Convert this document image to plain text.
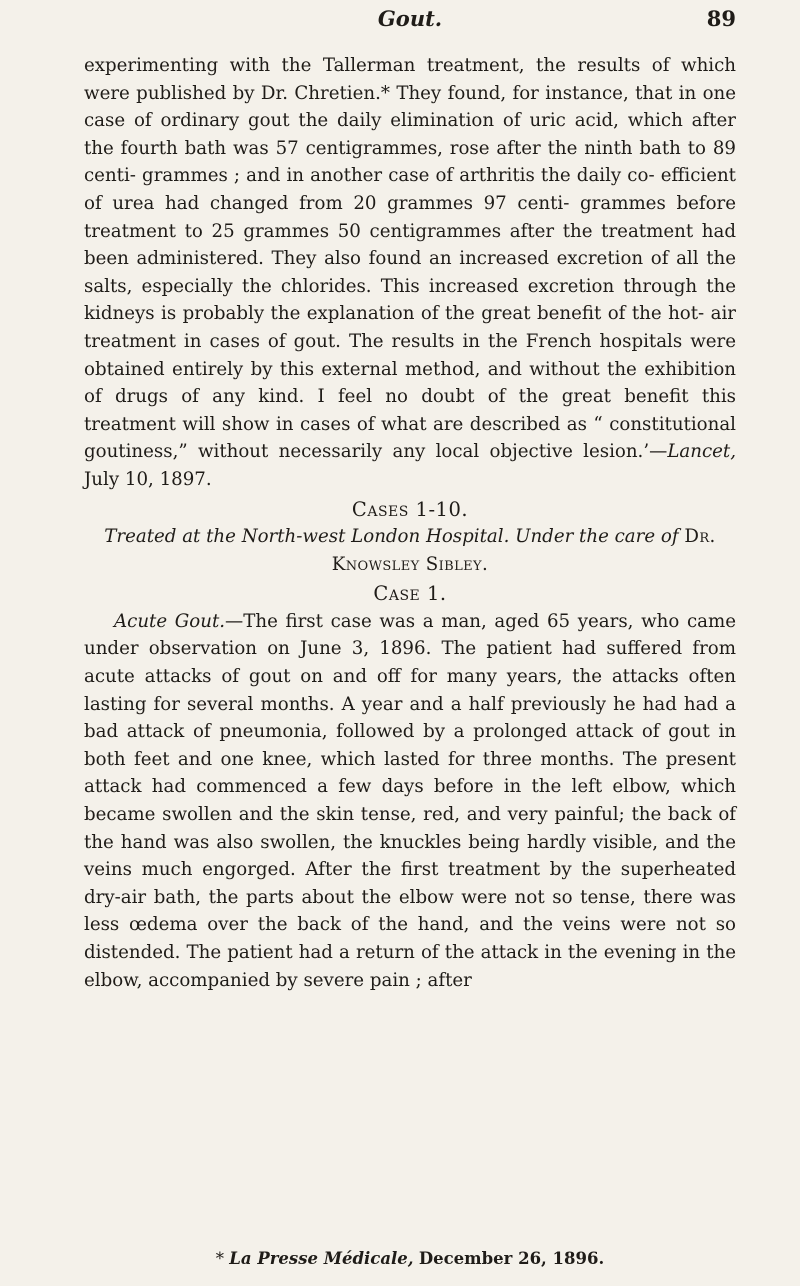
Gout.	89

experimenting with the Tallerman treatment, the results of which were published by Dr. Chretien.* They found, for instance, that in one case of ordinary gout the daily elimination of uric acid, which after the fourth bath was 57 centigrammes, rose after the ninth bath to 89 centi- grammes ; and in another case of arthritis the daily co- efficient of urea had changed from 20 grammes 97 centi- grammes before treatment to 25 grammes 50 centigrammes after the treatment had been administered. They also found an increased excretion of all the salts, especially the chlorides. This increased excretion through the kidneys is probably the explanation of the great benefit of the hot- air treatment in cases of gout. The results in the French hospitals were obtained entirely by this external method, and without the exhibition of drugs of any kind. I feel no doubt of the great benefit this treatment will show in cases of what are described as “ constitutional goutiness,” without necessarily any local objective lesion.’—Lancet, July 10, 1897.

Cases 1-10.

Treated at the North-west London Hospital. Under the care of Dr. Knowsley Sibley.

Case 1.

Acute Gout.—The first case was a man, aged 65 years, who came under observation on June 3, 1896. The patient had suffered from acute attacks of gout on and off for many years, the attacks often lasting for several months. A year and a half previously he had had a bad attack of pneumonia, followed by a prolonged attack of gout in both feet and one knee, which lasted for three months. The present attack had commenced a few days before in the left elbow, which became swollen and the skin tense, red, and very painful; the back of the hand was also swollen, the knuckles being hardly visible, and the veins much engorged. After the first treatment by the superheated dry-air bath, the parts about the elbow were not so tense, there was less œdema over the back of the hand, and the veins were not so distended. The patient had a return of the attack in the evening in the elbow, accompanied by severe pain ; after

* La Presse Médicale, December 26, 1896.
